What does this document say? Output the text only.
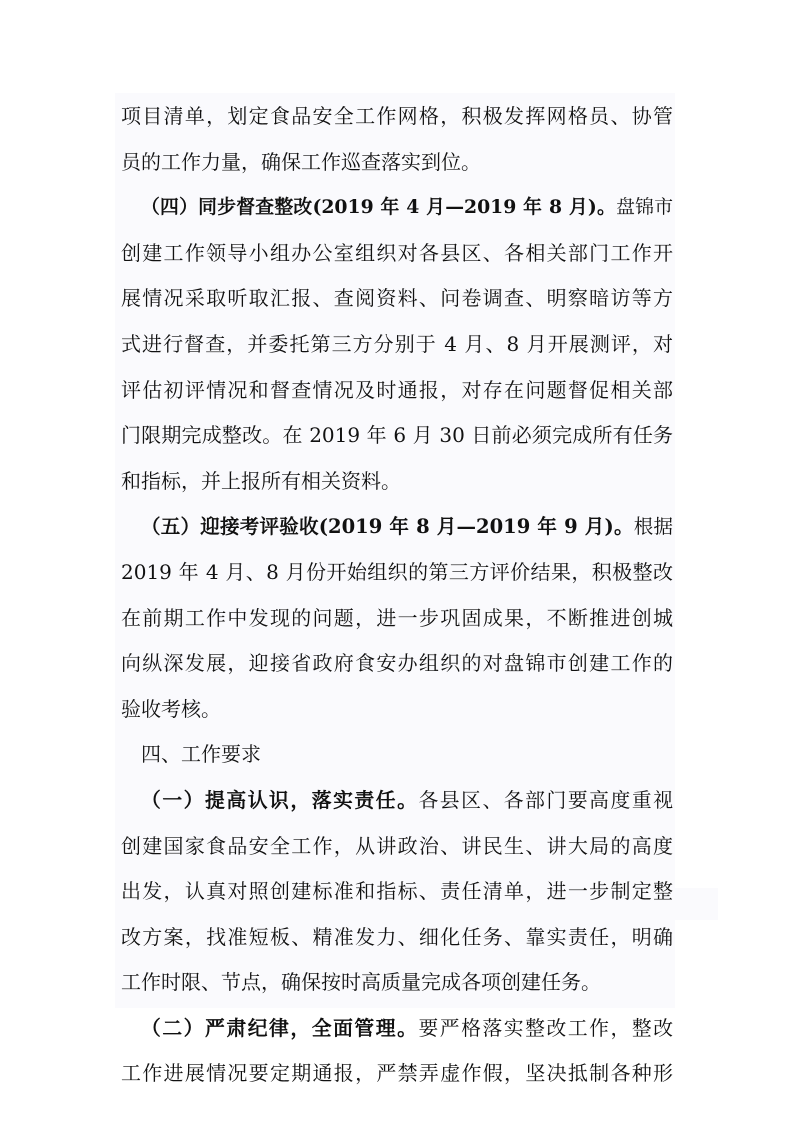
项目清单，划定食品安全工作网格，积极发挥网格员、协管
员的工作力量，确保工作巡查落实到位。
（四）同步督查整改(2019 年 4 月—2019 年 8 月)。盘锦市
创建工作领导小组办公室组织对各县区、各相关部门工作开
展情况采取听取汇报、查阅资料、问卷调查、明察暗访等方
式进行督查，并委托第三方分别于 4 月、8 月开展测评，对
评估初评情况和督查情况及时通报，对存在问题督促相关部
门限期完成整改。在 2019 年 6 月 30 日前必须完成所有任务
和指标，并上报所有相关资料。
（五）迎接考评验收(2019 年 8 月—2019 年 9 月)。根据
2019 年 4 月、8 月份开始组织的第三方评价结果，积极整改
在前期工作中发现的问题，进一步巩固成果，不断推进创城
向纵深发展，迎接省政府食安办组织的对盘锦市创建工作的
验收考核。
四、工作要求
（一）提高认识，落实责任。各县区、各部门要高度重视
创建国家食品安全工作，从讲政治、讲民生、讲大局的高度
出发，认真对照创建标准和指标、责任清单，进一步制定整
改方案，找准短板、精准发力、细化任务、靠实责任，明确
工作时限、节点，确保按时高质量完成各项创建任务。
（二）严肃纪律，全面管理。要严格落实整改工作，整改
工作进展情况要定期通报，严禁弄虚作假，坚决抵制各种形
